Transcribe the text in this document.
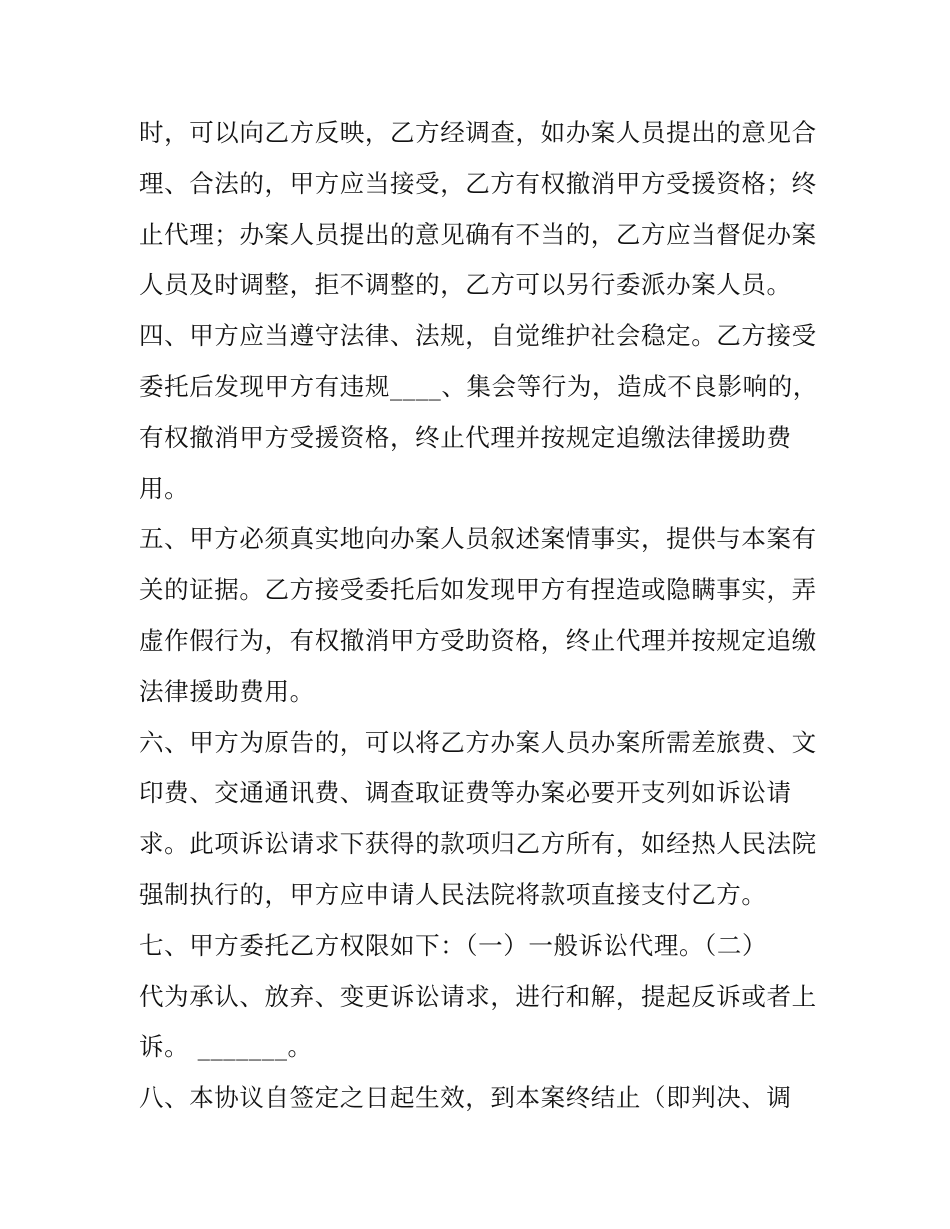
时，可以向乙方反映，乙方经调查，如办案人员提出的意见合
理、合法的，甲方应当接受，乙方有权撤消甲方受援资格；终
止代理；办案人员提出的意见确有不当的，乙方应当督促办案
人员及时调整，拒不调整的，乙方可以另行委派办案人员。
四、甲方应当遵守法律、法规，自觉维护社会稳定。乙方接受
委托后发现甲方有违规____、集会等行为，造成不良影响的，
有权撤消甲方受援资格，终止代理并按规定追缴法律援助费
用。
五、甲方必须真实地向办案人员叙述案情事实，提供与本案有
关的证据。乙方接受委托后如发现甲方有捏造或隐瞒事实，弄
虚作假行为，有权撤消甲方受助资格，终止代理并按规定追缴
法律援助费用。
六、甲方为原告的，可以将乙方办案人员办案所需差旅费、文
印费、交通通讯费、调查取证费等办案必要开支列如诉讼请
求。此项诉讼请求下获得的款项归乙方所有，如经热人民法院
强制执行的，甲方应申请人民法院将款项直接支付乙方。
七、甲方委托乙方权限如下：（一）一般诉讼代理。（二）
代为承认、放弃、变更诉讼请求，进行和解，提起反诉或者上
诉。 _______。
八、本协议自签定之日起生效，到本案终结止（即判决、调
